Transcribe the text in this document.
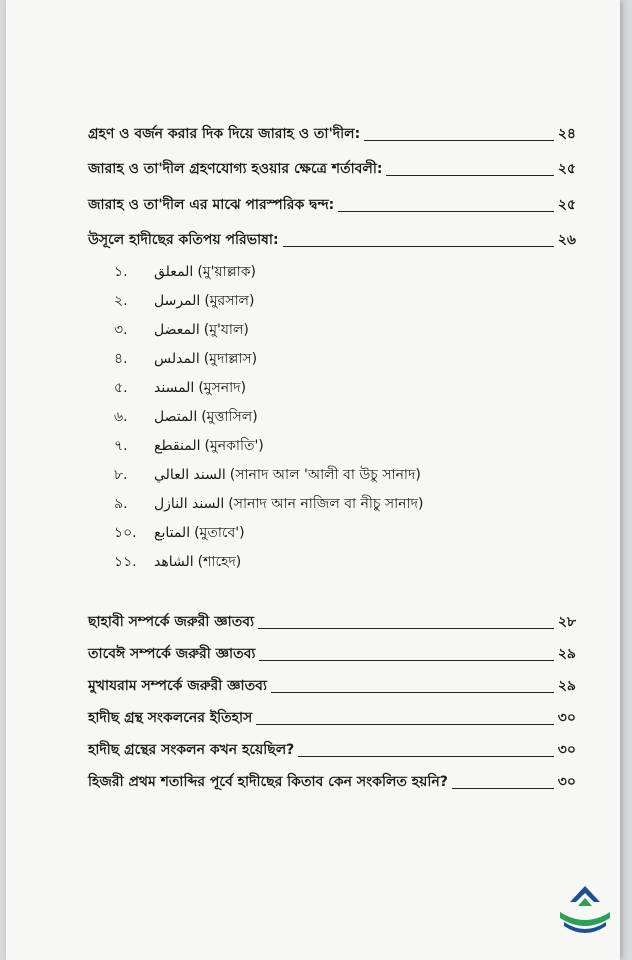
গ্রহণ ও বর্জন করার দিক দিয়ে জারাহ ও তা'দীল:	২৪
জারাহ ও তা'দীল গ্রহণযোগ্য হওয়ার ক্ষেত্রে শর্তাবলী:	২৫
জারাহ ও তা'দীল এর মাঝে পারস্পরিক দ্বন্দ:	২৫
উসূলে হাদীছের কতিপয় পরিভাষা:	২৬
১.	المعلق (মু'য়াল্লাক)
২.	المرسل (মুরসাল)
৩.	المعضل (মু'যাল)
৪.	المدلس (মুদাল্লাস)
৫.	المسند (মুসনাদ)
৬.	المتصل (মুত্তাসিল)
৭.	المنقطع (মুনকাতি')
৮.	السند العالي (সানাদ আল 'আলী বা উচু সানাদ)
৯.	السند النازل (সানাদ আন নাজিল বা নীচু সানাদ)
১০.	المتابع (মুতাবে')
১১.	الشاهد (শাহেদ)
ছাহাবী সম্পর্কে জরুরী জ্ঞাতব্য	২৮
তাবেঈ সম্পর্কে জরুরী জ্ঞাতব্য	২৯
মুখাযরাম সম্পর্কে জরুরী জ্ঞাতব্য	২৯
হাদীছ গ্রন্থ সংকলনের ইতিহাস	৩০
হাদীছ গ্রন্থের সংকলন কখন হয়েছিল?	৩০
হিজরী প্রথম শতাব্দির পূর্বে হাদীছের কিতাব কেন সংকলিত হয়নি?	৩০
